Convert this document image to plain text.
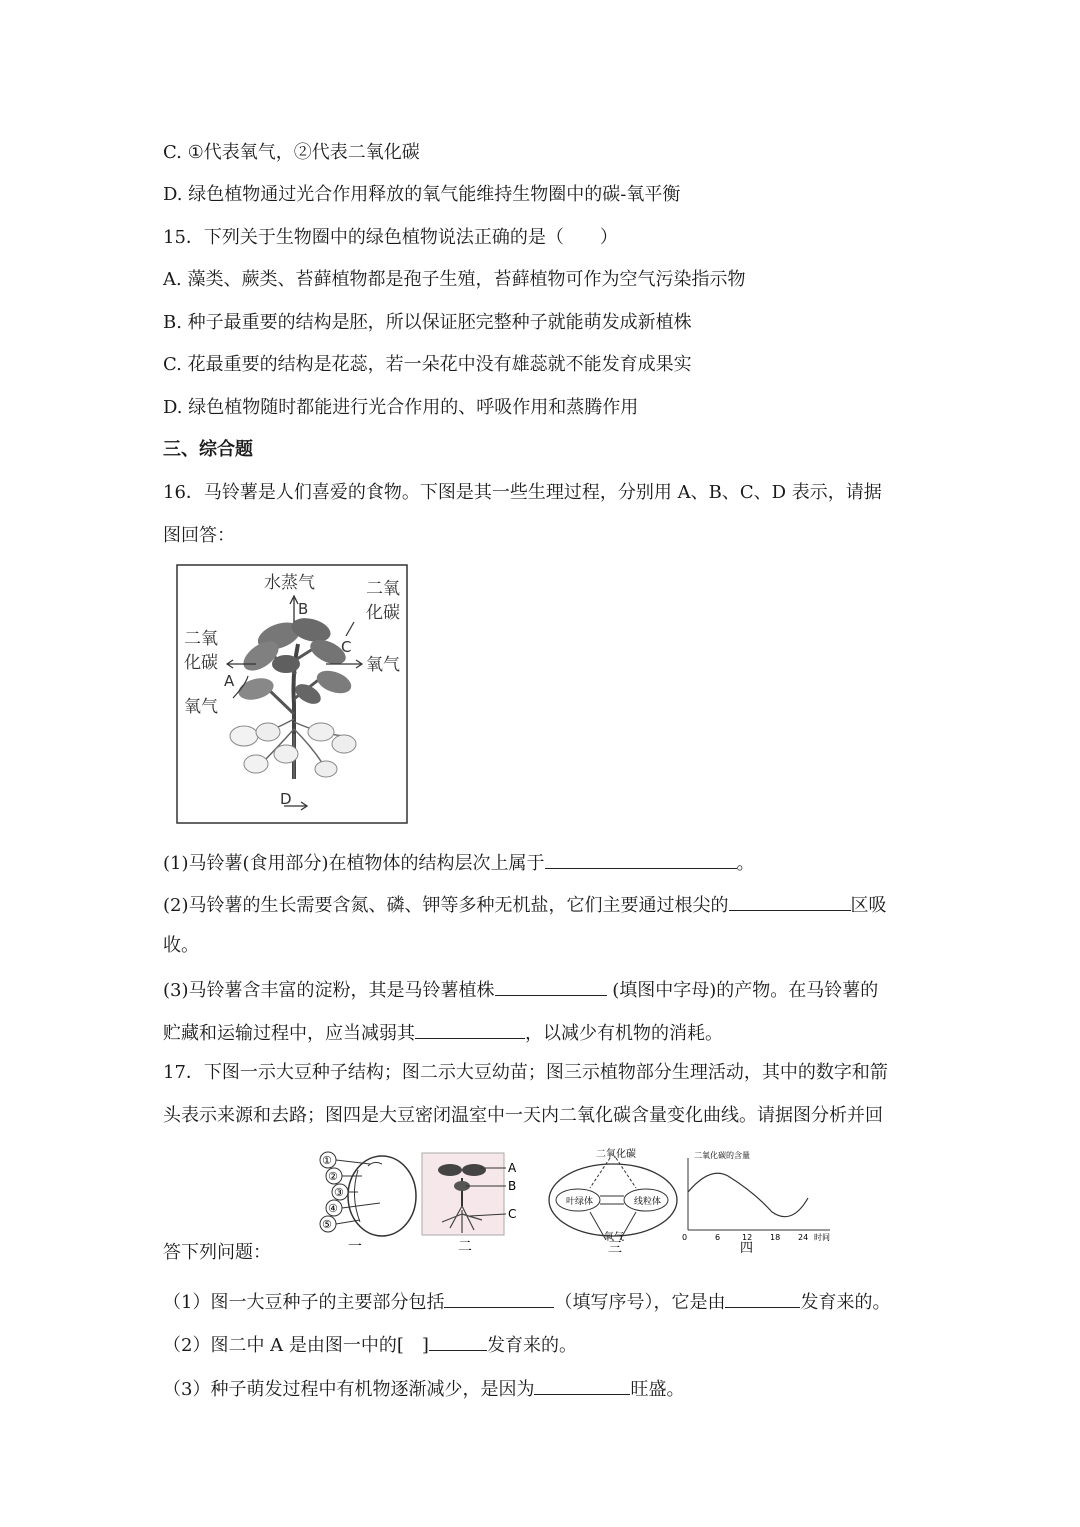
C. ①代表氧气，②代表二氧化碳
D. 绿色植物通过光合作用释放的氧气能维持生物圈中的碳-氧平衡
15．下列关于生物圈中的绿色植物说法正确的是（　　）
A. 藻类、蕨类、苔藓植物都是孢子生殖，苔藓植物可作为空气污染指示物
B. 种子最重要的结构是胚，所以保证胚完整种子就能萌发成新植株
C. 花最重要的结构是花蕊，若一朵花中没有雄蕊就不能发育成果实
D. 绿色植物随时都能进行光合作用的、呼吸作用和蒸腾作用
三、综合题
16．马铃薯是人们喜爱的食物。下图是其一些生理过程，分别用 A、B、C、D 表示，请据
图回答：
水蒸气
B
二氧
化碳
C
氧气
二氧
化碳
A
氧气
D
(1)马铃薯(食用部分)在植物体的结构层次上属于	。
(2)马铃薯的生长需要含氮、磷、钾等多种无机盐，它们主要通过根尖的	区吸
收。
(3)马铃薯含丰富的淀粉，其是马铃薯植株	(填图中字母)的产物。在马铃薯的
贮藏和运输过程中，应当减弱其	，以减少有机物的消耗。
17．下图一示大豆种子结构；图二示大豆幼苗；图三示植物部分生理活动，其中的数字和箭
头表示来源和去路；图四是大豆密闭温室中一天内二氧化碳含量变化曲线。请据图分析并回
①
②
③
④
⑤
一
A
B
C
二
二氧化碳
叶绿体	线粒体
氧气
三
二氧化碳的含量
时间
0	6	12 18 24
四
答下列问题：
（1）图一大豆种子的主要部分包括	（填写序号），它是由	发育来的。
（2）图二中 A 是由图一中的[　]	发育来的。
（3）种子萌发过程中有机物逐渐减少，是因为	旺盛。
